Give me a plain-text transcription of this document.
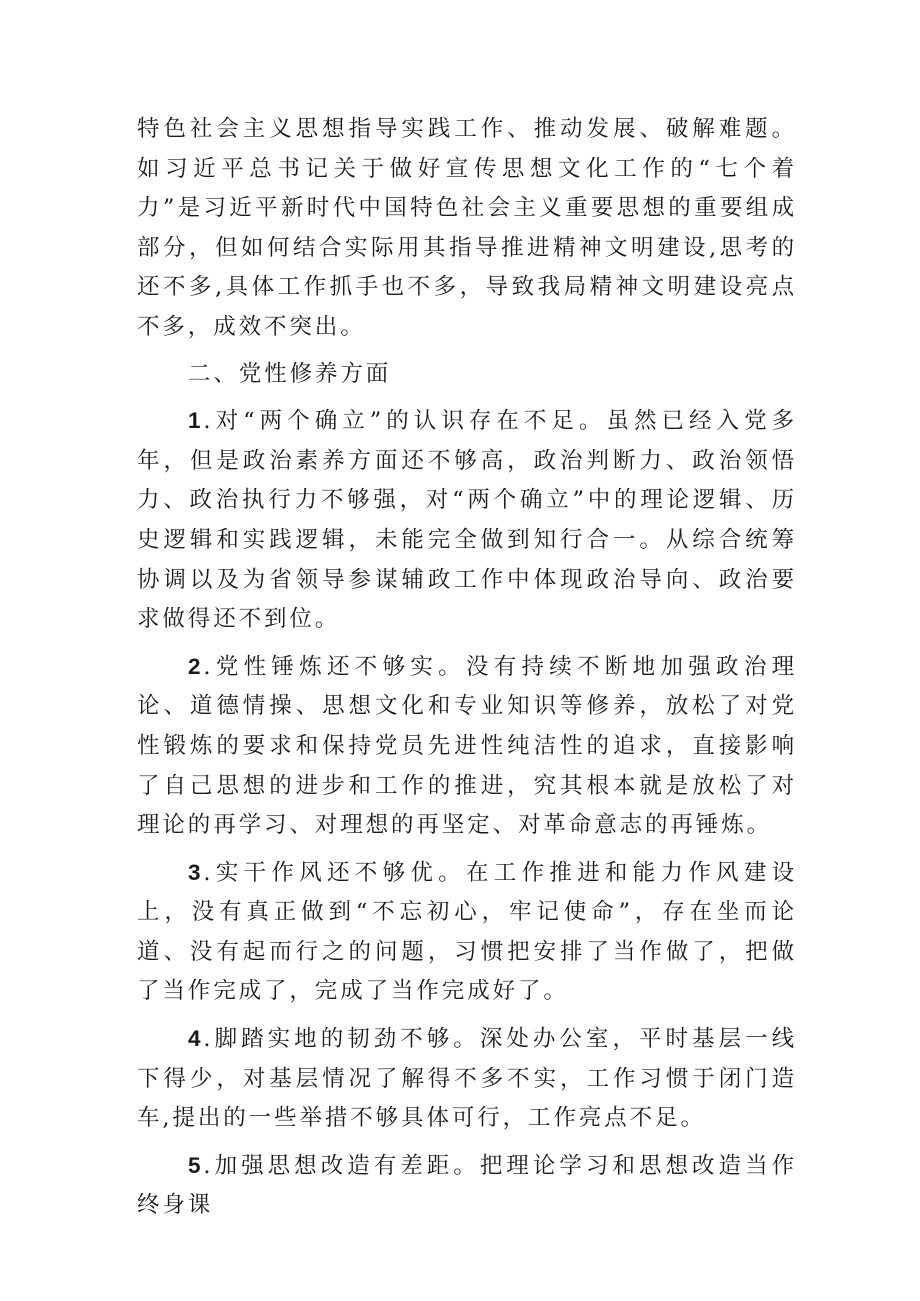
特色社会主义思想指导实践工作、推动发展、破解难题。如习近平总书记关于做好宣传思想文化工作的“七个着力”是习近平新时代中国特色社会主义重要思想的重要组成部分，但如何结合实际用其指导推进精神文明建设,思考的还不多,具体工作抓手也不多，导致我局精神文明建设亮点不多，成效不突出。

二、党性修养方面

1.对“两个确立”的认识存在不足。虽然已经入党多年，但是政治素养方面还不够高，政治判断力、政治领悟力、政治执行力不够强，对“两个确立”中的理论逻辑、历史逻辑和实践逻辑，未能完全做到知行合一。从综合统筹协调以及为省领导参谋辅政工作中体现政治导向、政治要求做得还不到位。

2.党性锤炼还不够实。没有持续不断地加强政治理论、道德情操、思想文化和专业知识等修养，放松了对党性锻炼的要求和保持党员先进性纯洁性的追求，直接影响了自己思想的进步和工作的推进，究其根本就是放松了对理论的再学习、对理想的再坚定、对革命意志的再锤炼。

3.实干作风还不够优。在工作推进和能力作风建设上，没有真正做到“不忘初心，牢记使命”，存在坐而论道、没有起而行之的问题，习惯把安排了当作做了，把做了当作完成了，完成了当作完成好了。

4.脚踏实地的韧劲不够。深处办公室，平时基层一线下得少，对基层情况了解得不多不实，工作习惯于闭门造车,提出的一些举措不够具体可行，工作亮点不足。

5.加强思想改造有差距。把理论学习和思想改造当作终身课
